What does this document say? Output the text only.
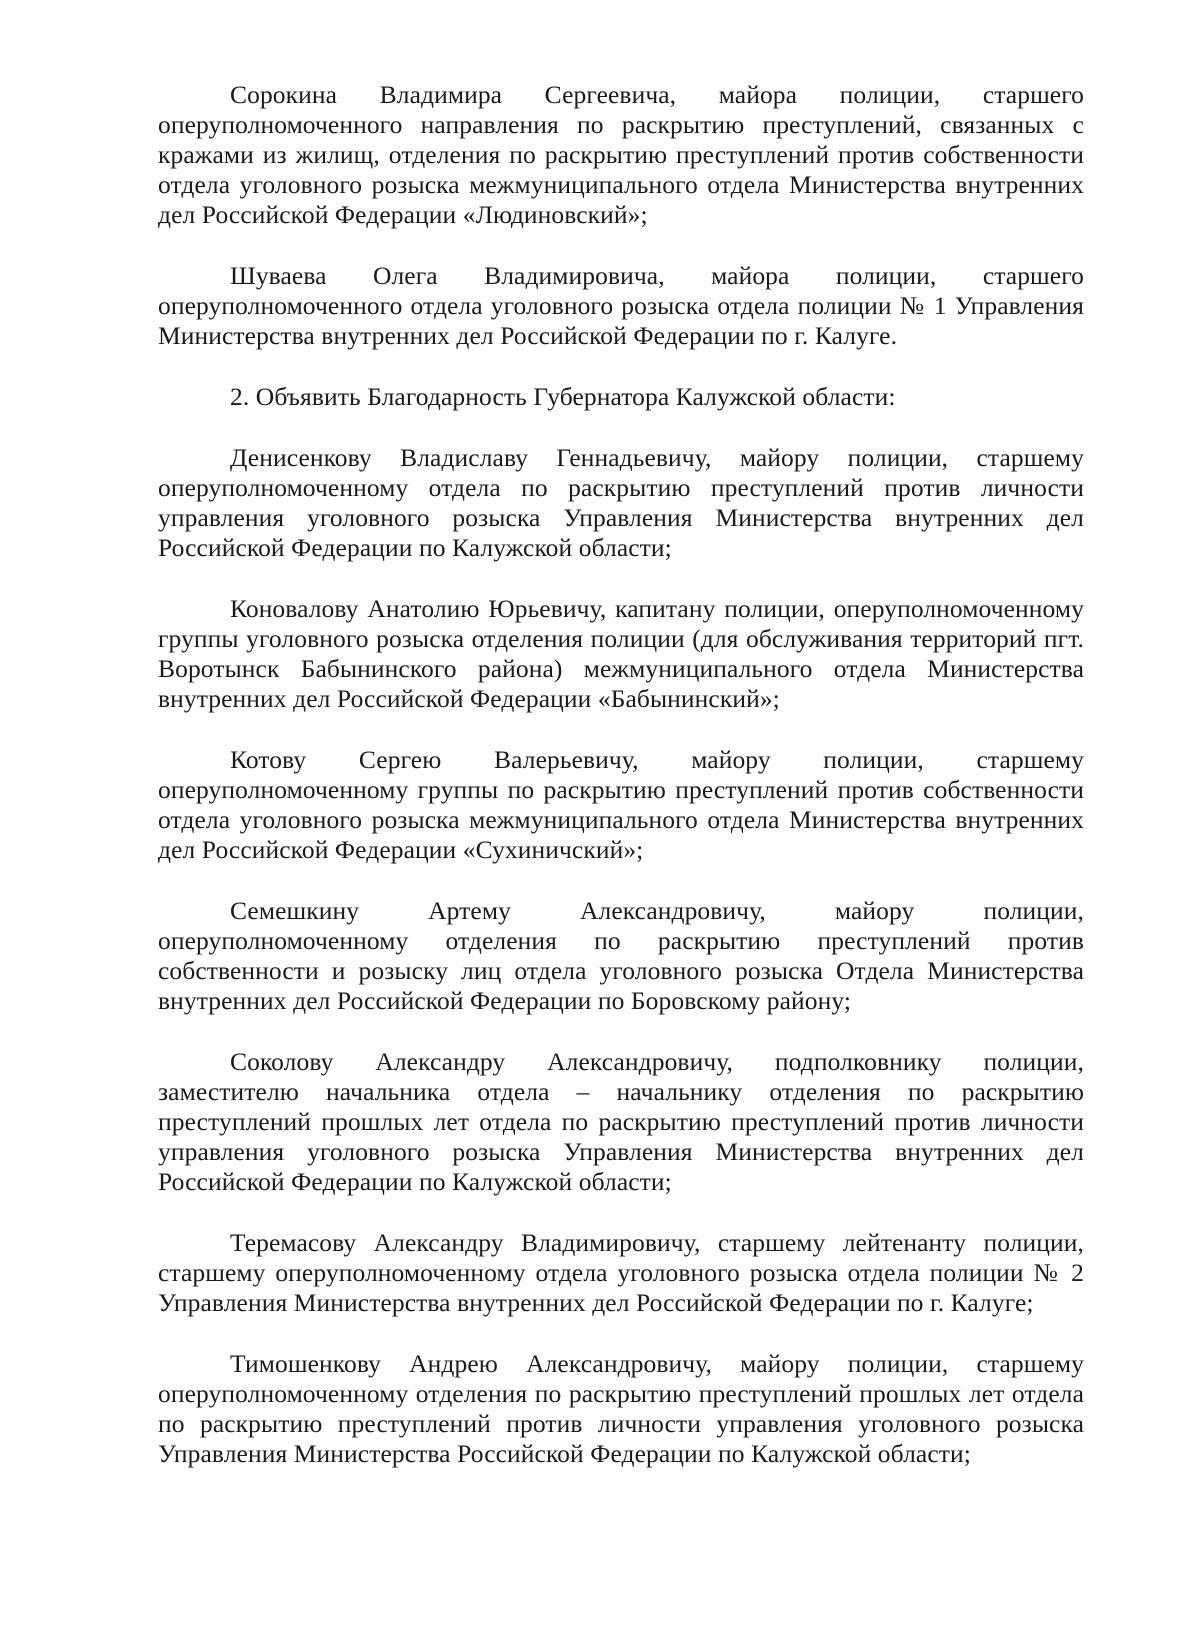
Сорокина Владимира Сергеевича, майора полиции, старшего оперуполномоченного направления по раскрытию преступлений, связанных с кражами из жилищ, отделения по раскрытию преступлений против собственности отдела уголовного розыска межмуниципального отдела Министерства внутренних дел Российской Федерации «Людиновский»;

Шуваева Олега Владимировича, майора полиции, старшего оперуполномоченного отдела уголовного розыска отдела полиции № 1 Управления Министерства внутренних дел Российской Федерации по г. Калуге.

2. Объявить Благодарность Губернатора Калужской области:

Денисенкову Владиславу Геннадьевичу, майору полиции, старшему оперуполномоченному отдела по раскрытию преступлений против личности управления уголовного розыска Управления Министерства внутренних дел Российской Федерации по Калужской области;

Коновалову Анатолию Юрьевичу, капитану полиции, оперуполномоченному группы уголовного розыска отделения полиции (для обслуживания территорий пгт. Воротынск Бабынинского района) межмуниципального отдела Министерства внутренних дел Российской Федерации «Бабынинский»;

Котову Сергею Валерьевичу, майору полиции, старшему оперуполномоченному группы по раскрытию преступлений против собственности отдела уголовного розыска межмуниципального отдела Министерства внутренних дел Российской Федерации «Сухиничский»;

Семешкину Артему Александровичу, майору полиции, оперуполномоченному отделения по раскрытию преступлений против собственности и розыску лиц отдела уголовного розыска Отдела Министерства внутренних дел Российской Федерации по Боровскому району;

Соколову Александру Александровичу, подполковнику полиции, заместителю начальника отдела – начальнику отделения по раскрытию преступлений прошлых лет отдела по раскрытию преступлений против личности управления уголовного розыска Управления Министерства внутренних дел Российской Федерации по Калужской области;

Теремасову Александру Владимировичу, старшему лейтенанту полиции, старшему оперуполномоченному отдела уголовного розыска отдела полиции № 2 Управления Министерства внутренних дел Российской Федерации по г. Калуге;

Тимошенкову Андрею Александровичу, майору полиции, старшему оперуполномоченному отделения по раскрытию преступлений прошлых лет отдела по раскрытию преступлений против личности управления уголовного розыска Управления Министерства Российской Федерации по Калужской области;
